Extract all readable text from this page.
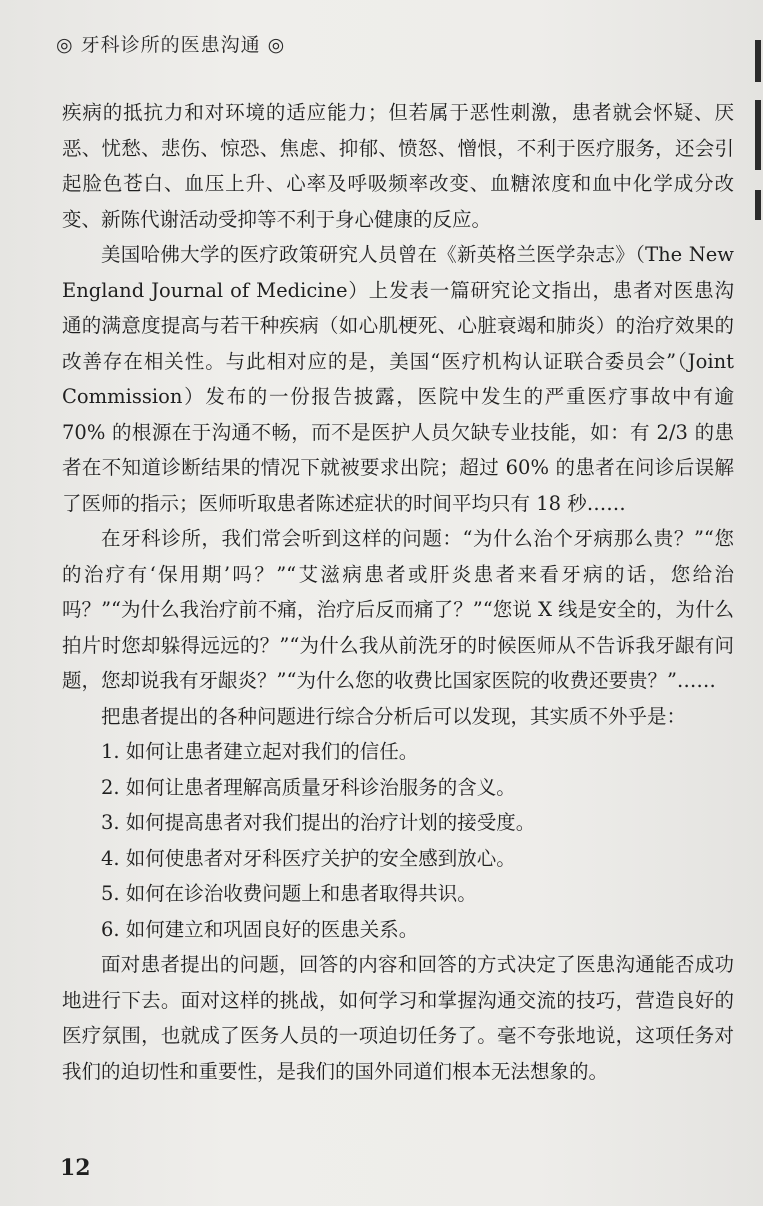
◎ 牙科诊所的医患沟通 ◎

疾病的抵抗力和对环境的适应能力；但若属于恶性刺激，患者就会怀疑、厌恶、忧愁、悲伤、惊恐、焦虑、抑郁、愤怒、憎恨，不利于医疗服务，还会引起脸色苍白、血压上升、心率及呼吸频率改变、血糖浓度和血中化学成分改变、新陈代谢活动受抑等不利于身心健康的反应。

美国哈佛大学的医疗政策研究人员曾在《新英格兰医学杂志》（The New England Journal of Medicine）上发表一篇研究论文指出，患者对医患沟通的满意度提高与若干种疾病（如心肌梗死、心脏衰竭和肺炎）的治疗效果的改善存在相关性。与此相对应的是，美国“医疗机构认证联合委员会”（Joint Commission）发布的一份报告披露，医院中发生的严重医疗事故中有逾 70% 的根源在于沟通不畅，而不是医护人员欠缺专业技能，如：有 2/3 的患者在不知道诊断结果的情况下就被要求出院；超过 60% 的患者在问诊后误解了医师的指示；医师听取患者陈述症状的时间平均只有 18 秒……

在牙科诊所，我们常会听到这样的问题：“为什么治个牙病那么贵？”“您的治疗有‘保用期’吗？”“艾滋病患者或肝炎患者来看牙病的话，您给治吗？”“为什么我治疗前不痛，治疗后反而痛了？”“您说 X 线是安全的，为什么拍片时您却躲得远远的？”“为什么我从前洗牙的时候医师从不告诉我牙龈有问题，您却说我有牙龈炎？”“为什么您的收费比国家医院的收费还要贵？”……

把患者提出的各种问题进行综合分析后可以发现，其实质不外乎是：

1. 如何让患者建立起对我们的信任。
2. 如何让患者理解高质量牙科诊治服务的含义。
3. 如何提高患者对我们提出的治疗计划的接受度。
4. 如何使患者对牙科医疗关护的安全感到放心。
5. 如何在诊治收费问题上和患者取得共识。
6. 如何建立和巩固良好的医患关系。

面对患者提出的问题，回答的内容和回答的方式决定了医患沟通能否成功地进行下去。面对这样的挑战，如何学习和掌握沟通交流的技巧，营造良好的医疗氛围，也就成了医务人员的一项迫切任务了。毫不夸张地说，这项任务对我们的迫切性和重要性，是我们的国外同道们根本无法想象的。

12
